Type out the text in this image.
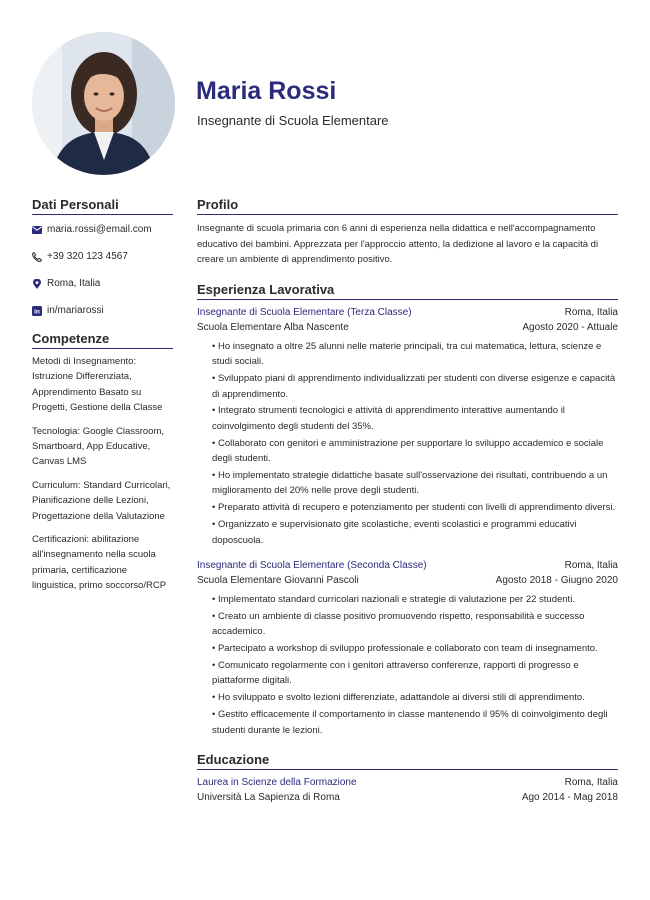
Maria Rossi
Insegnante di Scuola Elementare
Dati Personali
maria.rossi@email.com
+39 320 123 4567
Roma, Italia
in in/mariarossi
Competenze
Metodi di Insegnamento: Istruzione Differenziata, Apprendimento Basato su Progetti, Gestione della Classe
Tecnologia: Google Classroom, Smartboard, App Educative, Canvas LMS
Curriculum: Standard Curricolari, Pianificazione delle Lezioni, Progettazione della Valutazione
Certificazioni: abilitazione all'insegnamento nella scuola primaria, certificazione linguistica, primo soccorso/RCP
Profilo
Insegnante di scuola primaria con 6 anni di esperienza nella didattica e nell'accompagnamento educativo dei bambini. Apprezzata per l'approccio attento, la dedizione al lavoro e la capacità di creare un ambiente di apprendimento positivo.
Esperienza Lavorativa
Insegnante di Scuola Elementare (Terza Classe)	Roma, Italia
Scuola Elementare Alba Nascente	Agosto 2020 - Attuale
• Ho insegnato a oltre 25 alunni nelle materie principali, tra cui matematica, lettura, scienze e studi sociali.
• Sviluppato piani di apprendimento individualizzati per studenti con diverse esigenze e capacità di apprendimento.
• Integrato strumenti tecnologici e attività di apprendimento interattive aumentando il coinvolgimento degli studenti del 35%.
• Collaborato con genitori e amministrazione per supportare lo sviluppo accademico e sociale degli studenti.
• Ho implementato strategie didattiche basate sull'osservazione dei risultati, contribuendo a un miglioramento del 20% nelle prove degli studenti.
• Preparato attività di recupero e potenziamento per studenti con livelli di apprendimento diversi.
• Organizzato e supervisionato gite scolastiche, eventi scolastici e programmi educativi doposcuola.
Insegnante di Scuola Elementare (Seconda Classe)	Roma, Italia
Scuola Elementare Giovanni Pascoli	Agosto 2018 - Giugno 2020
• Implementato standard curricolari nazionali e strategie di valutazione per 22 studenti.
• Creato un ambiente di classe positivo promuovendo rispetto, responsabilità e successo accademico.
• Partecipato a workshop di sviluppo professionale e collaborato con team di insegnamento.
• Comunicato regolarmente con i genitori attraverso conferenze, rapporti di progresso e piattaforme digitali.
• Ho sviluppato e svolto lezioni differenziate, adattandole ai diversi stili di apprendimento.
• Gestito efficacemente il comportamento in classe mantenendo il 95% di coinvolgimento degli studenti durante le lezioni.
Educazione
Laurea in Scienze della Formazione	Roma, Italia
Università La Sapienza di Roma	Ago 2014 - Mag 2018
